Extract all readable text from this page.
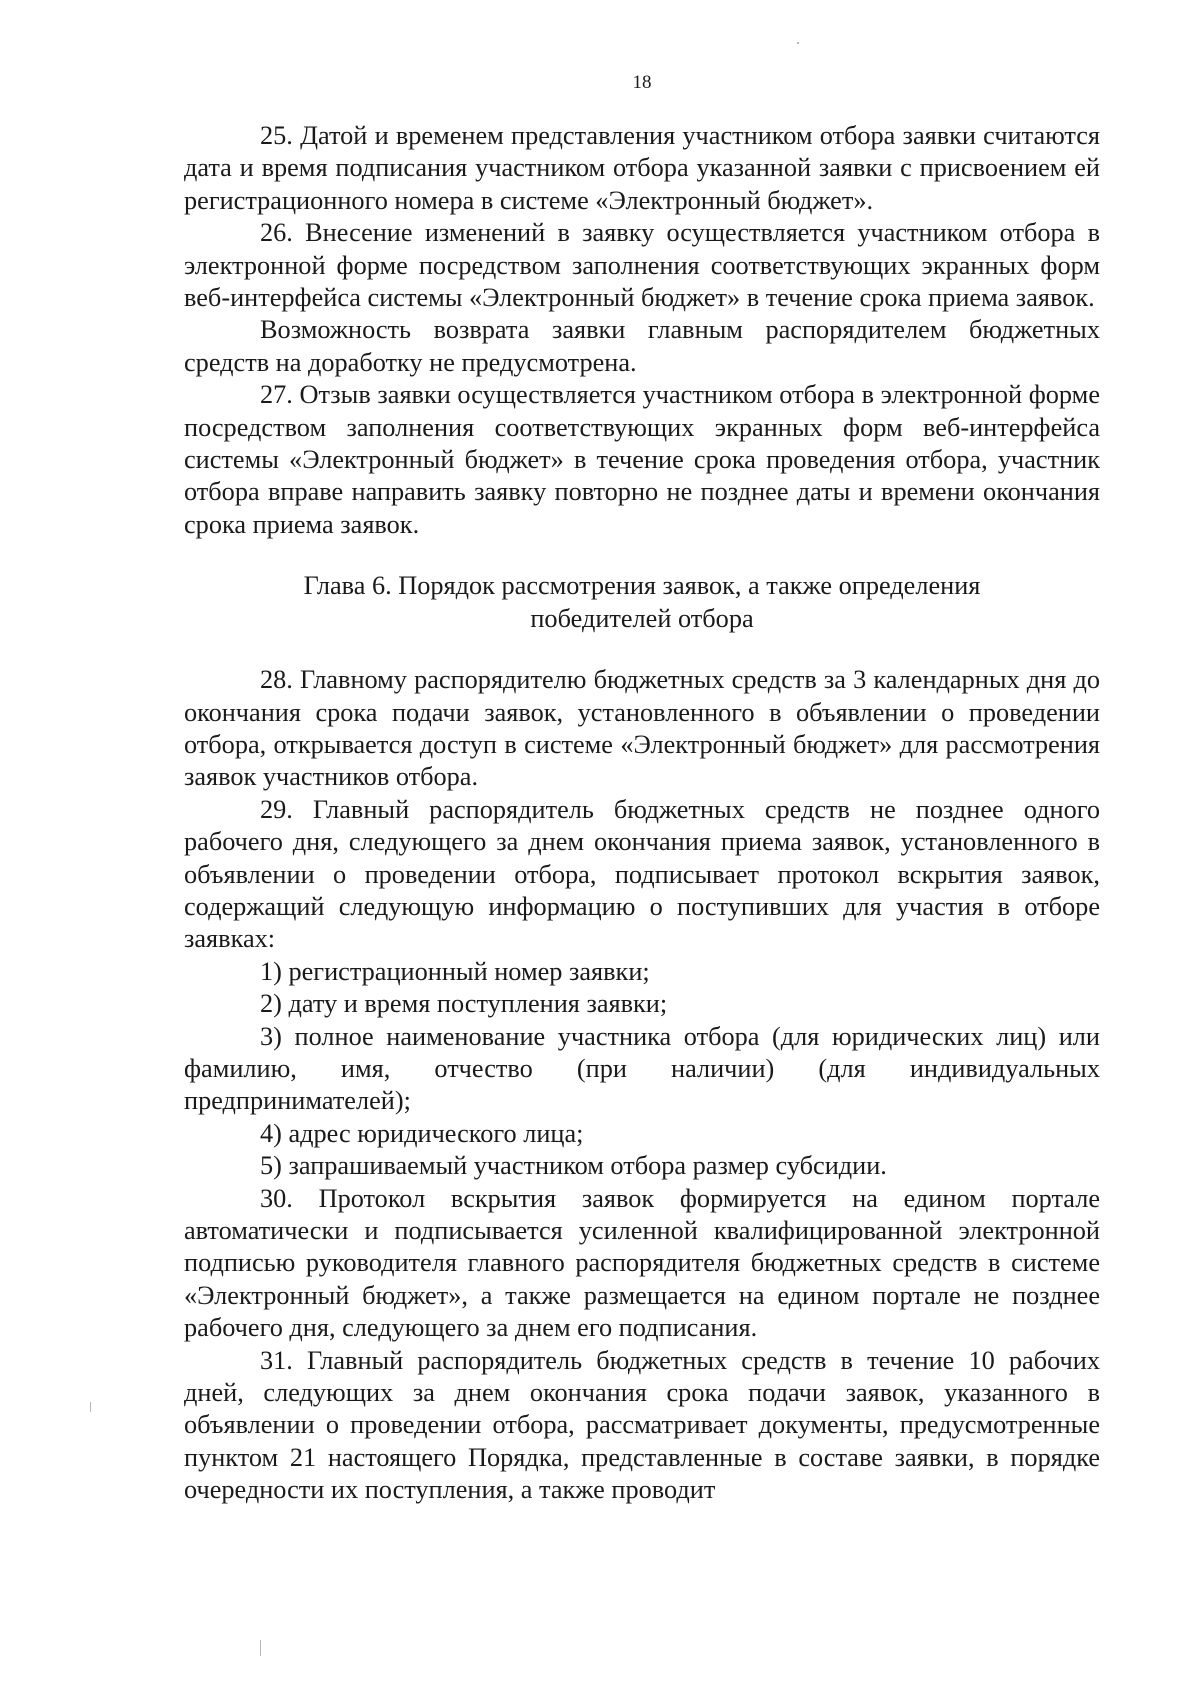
18

25. Датой и временем представления участником отбора заявки считаются дата и время подписания участником отбора указанной заявки с присвоением ей регистрационного номера в системе «Электронный бюджет».

26. Внесение изменений в заявку осуществляется участником отбора в электронной форме посредством заполнения соответствующих экранных форм веб-интерфейса системы «Электронный бюджет» в течение срока приема заявок.

Возможность возврата заявки главным распорядителем бюджетных средств на доработку не предусмотрена.

27. Отзыв заявки осуществляется участником отбора в электронной форме посредством заполнения соответствующих экранных форм веб-интерфейса системы «Электронный бюджет» в течение срока проведения отбора, участник отбора вправе направить заявку повторно не позднее даты и времени окончания срока приема заявок.

Глава 6. Порядок рассмотрения заявок, а также определения
победителей отбора

28. Главному распорядителю бюджетных средств за 3 календарных дня до окончания срока подачи заявок, установленного в объявлении о проведении отбора, открывается доступ в системе «Электронный бюджет» для рассмотрения заявок участников отбора.

29. Главный распорядитель бюджетных средств не позднее одного рабочего дня, следующего за днем окончания приема заявок, установленного в объявлении о проведении отбора, подписывает протокол вскрытия заявок, содержащий следующую информацию о поступивших для участия в отборе заявках:

1) регистрационный номер заявки;

2) дату и время поступления заявки;

3) полное наименование участника отбора (для юридических лиц) или фамилию, имя, отчество (при наличии) (для индивидуальных предпринимателей);

4) адрес юридического лица;

5) запрашиваемый участником отбора размер субсидии.

30. Протокол вскрытия заявок формируется на едином портале автоматически и подписывается усиленной квалифицированной электронной подписью руководителя главного распорядителя бюджетных средств в системе «Электронный бюджет», а также размещается на едином портале не позднее рабочего дня, следующего за днем его подписания.

31. Главный распорядитель бюджетных средств в течение 10 рабочих дней, следующих за днем окончания срока подачи заявок, указанного в объявлении о проведении отбора, рассматривает документы, предусмотренные пунктом 21 настоящего Порядка, представленные в составе заявки, в порядке очередности их поступления, а также проводит
